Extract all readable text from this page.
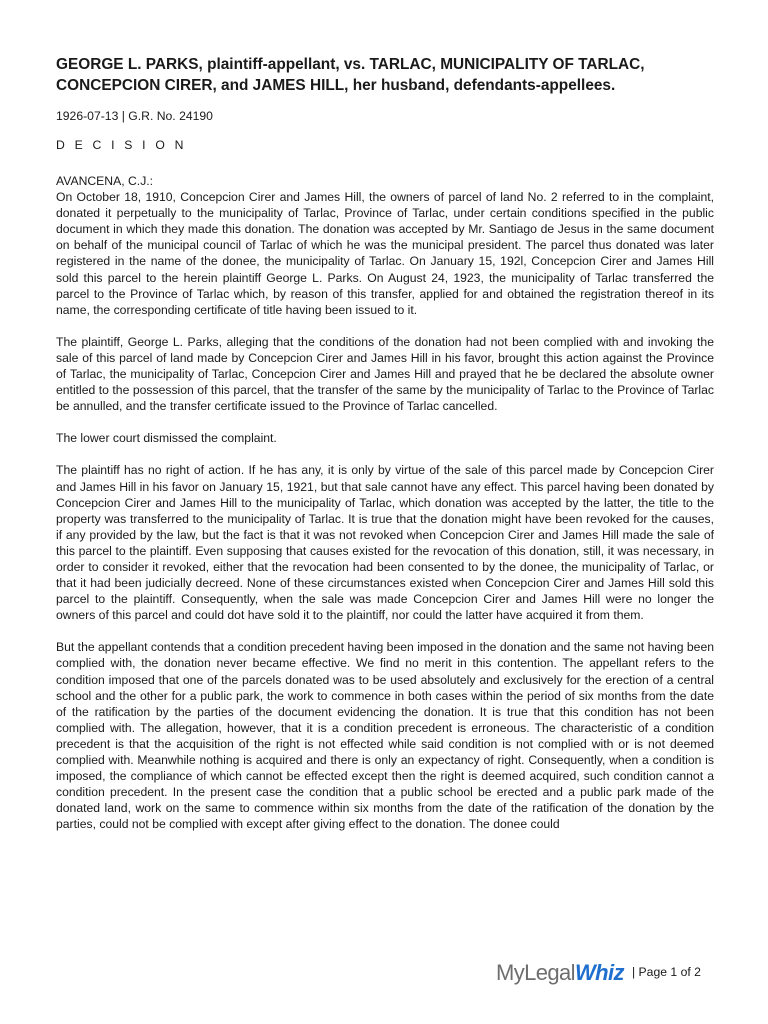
GEORGE L. PARKS, plaintiff-appellant, vs. TARLAC, MUNICIPALITY OF TARLAC, CONCEPCION CIRER, and JAMES HILL, her husband, defendants-appellees.
1926-07-13 | G.R. No. 24190
D E C I S I O N
AVANCENA, C.J.:

On October 18, 1910, Concepcion Cirer and James Hill, the owners of parcel of land No. 2 referred to in the complaint, donated it perpetually to the municipality of Tarlac, Province of Tarlac, under certain conditions specified in the public document in which they made this donation. The donation was accepted by Mr. Santiago de Jesus in the same document on behalf of the municipal council of Tarlac of which he was the municipal president. The parcel thus donated was later registered in the name of the donee, the municipality of Tarlac. On January 15, 192l, Concepcion Cirer and James Hill sold this parcel to the herein plaintiff George L. Parks. On August 24, 1923, the municipality of Tarlac transferred the parcel to the Province of Tarlac which, by reason of this transfer, applied for and obtained the registration thereof in its name, the corresponding certificate of title having been issued to it.

The plaintiff, George L. Parks, alleging that the conditions of the donation had not been complied with and invoking the sale of this parcel of land made by Concepcion Cirer and James Hill in his favor, brought this action against the Province of Tarlac, the municipality of Tarlac, Concepcion Cirer and James Hill and prayed that he be declared the absolute owner entitled to the possession of this parcel, that the transfer of the same by the municipality of Tarlac to the Province of Tarlac be annulled, and the transfer certificate issued to the Province of Tarlac cancelled.

The lower court dismissed the complaint.

The plaintiff has no right of action. If he has any, it is only by virtue of the sale of this parcel made by Concepcion Cirer and James Hill in his favor on January 15, 1921, but that sale cannot have any effect. This parcel having been donated by Concepcion Cirer and James Hill to the municipality of Tarlac, which donation was accepted by the latter, the title to the property was transferred to the municipality of Tarlac. It is true that the donation might have been revoked for the causes, if any provided by the law, but the fact is that it was not revoked when Concepcion Cirer and James Hill made the sale of this parcel to the plaintiff. Even supposing that causes existed for the revocation of this donation, still, it was necessary, in order to consider it revoked, either that the revocation had been consented to by the donee, the municipality of Tarlac, or that it had been judicially decreed. None of these circumstances existed when Concepcion Cirer and James Hill sold this parcel to the plaintiff. Consequently, when the sale was made Concepcion Cirer and James Hill were no longer the owners of this parcel and could dot have sold it to the plaintiff, nor could the latter have acquired it from them.

But the appellant contends that a condition precedent having been imposed in the donation and the same not having been complied with, the donation never became effective. We find no merit in this contention. The appellant refers to the condition imposed that one of the parcels donated was to be used absolutely and exclusively for the erection of a central school and the other for a public park, the work to commence in both cases within the period of six months from the date of the ratification by the parties of the document evidencing the donation. It is true that this condition has not been complied with. The allegation, however, that it is a condition precedent is erroneous. The characteristic of a condition precedent is that the acquisition of the right is not effected while said condition is not complied with or is not deemed complied with. Meanwhile nothing is acquired and there is only an expectancy of right. Consequently, when a condition is imposed, the compliance of which cannot be effected except then the right is deemed acquired, such condition cannot a condition precedent. In the present case the condition that a public school be erected and a public park made of the donated land, work on the same to commence within six months from the date of the ratification of the donation by the parties, could not be complied with except after giving effect to the donation. The donee could

MyLegalWhiz | Page 1 of 2
